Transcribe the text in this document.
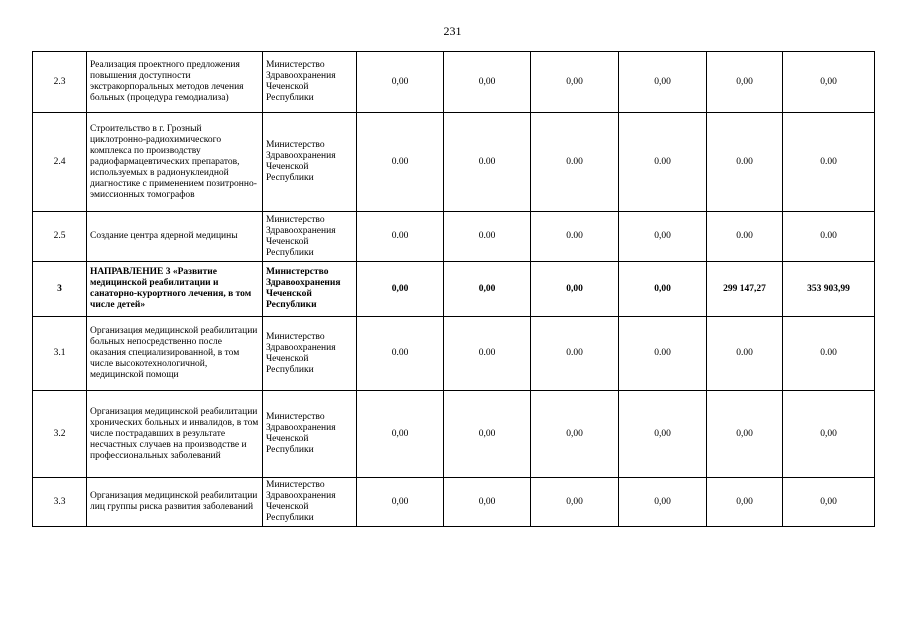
231
2.3	Реализация проектного предложения повышения доступности экстракорпоральных методов лечения больных (процедура гемодиализа)	Министерство Здравоохранения Чеченской Республики	0,00	0,00	0,00	0,00	0,00	0,00
2.4	Строительство в г. Грозный циклотронно-радиохимического комплекса по производству радиофармацевтических препаратов, используемых в радионуклеидной диагностике с применением позитронно-эмиссионных томографов	Министерство Здравоохранения Чеченской Республики	0.00	0.00	0.00	0.00	0.00	0.00
2.5	Создание центра ядерной медицины	Министерство Здравоохранения Чеченской Республики	0.00	0.00	0.00	0,00	0.00	0.00
3	НАПРАВЛЕНИЕ 3 «Развитие медицинской реабилитации и санаторно-курортного лечения, в том числе детей»	Министерство Здравоохранения Чеченской Республики	0,00	0,00	0,00	0,00	299 147,27	353 903,99
3.1	Организация медицинской реабилитации больных непосредственно после оказания специализированной, в том числе высокотехнологичной, медицинской помощи	Министерство Здравоохранения Чеченской Республики	0.00	0.00	0.00	0.00	0.00	0.00
3.2	Организация медицинской реабилитации хронических больных и инвалидов, в том числе пострадавших в результате несчастных случаев на производстве и профессиональных заболеваний	Министерство Здравоохранения Чеченской Республики	0,00	0,00	0,00	0,00	0,00	0,00
3.3	Организация медицинской реабилитации лиц группы риска развития заболеваний	Министерство Здравоохранения Чеченской Республики	0,00	0,00	0,00	0,00	0,00	0,00
